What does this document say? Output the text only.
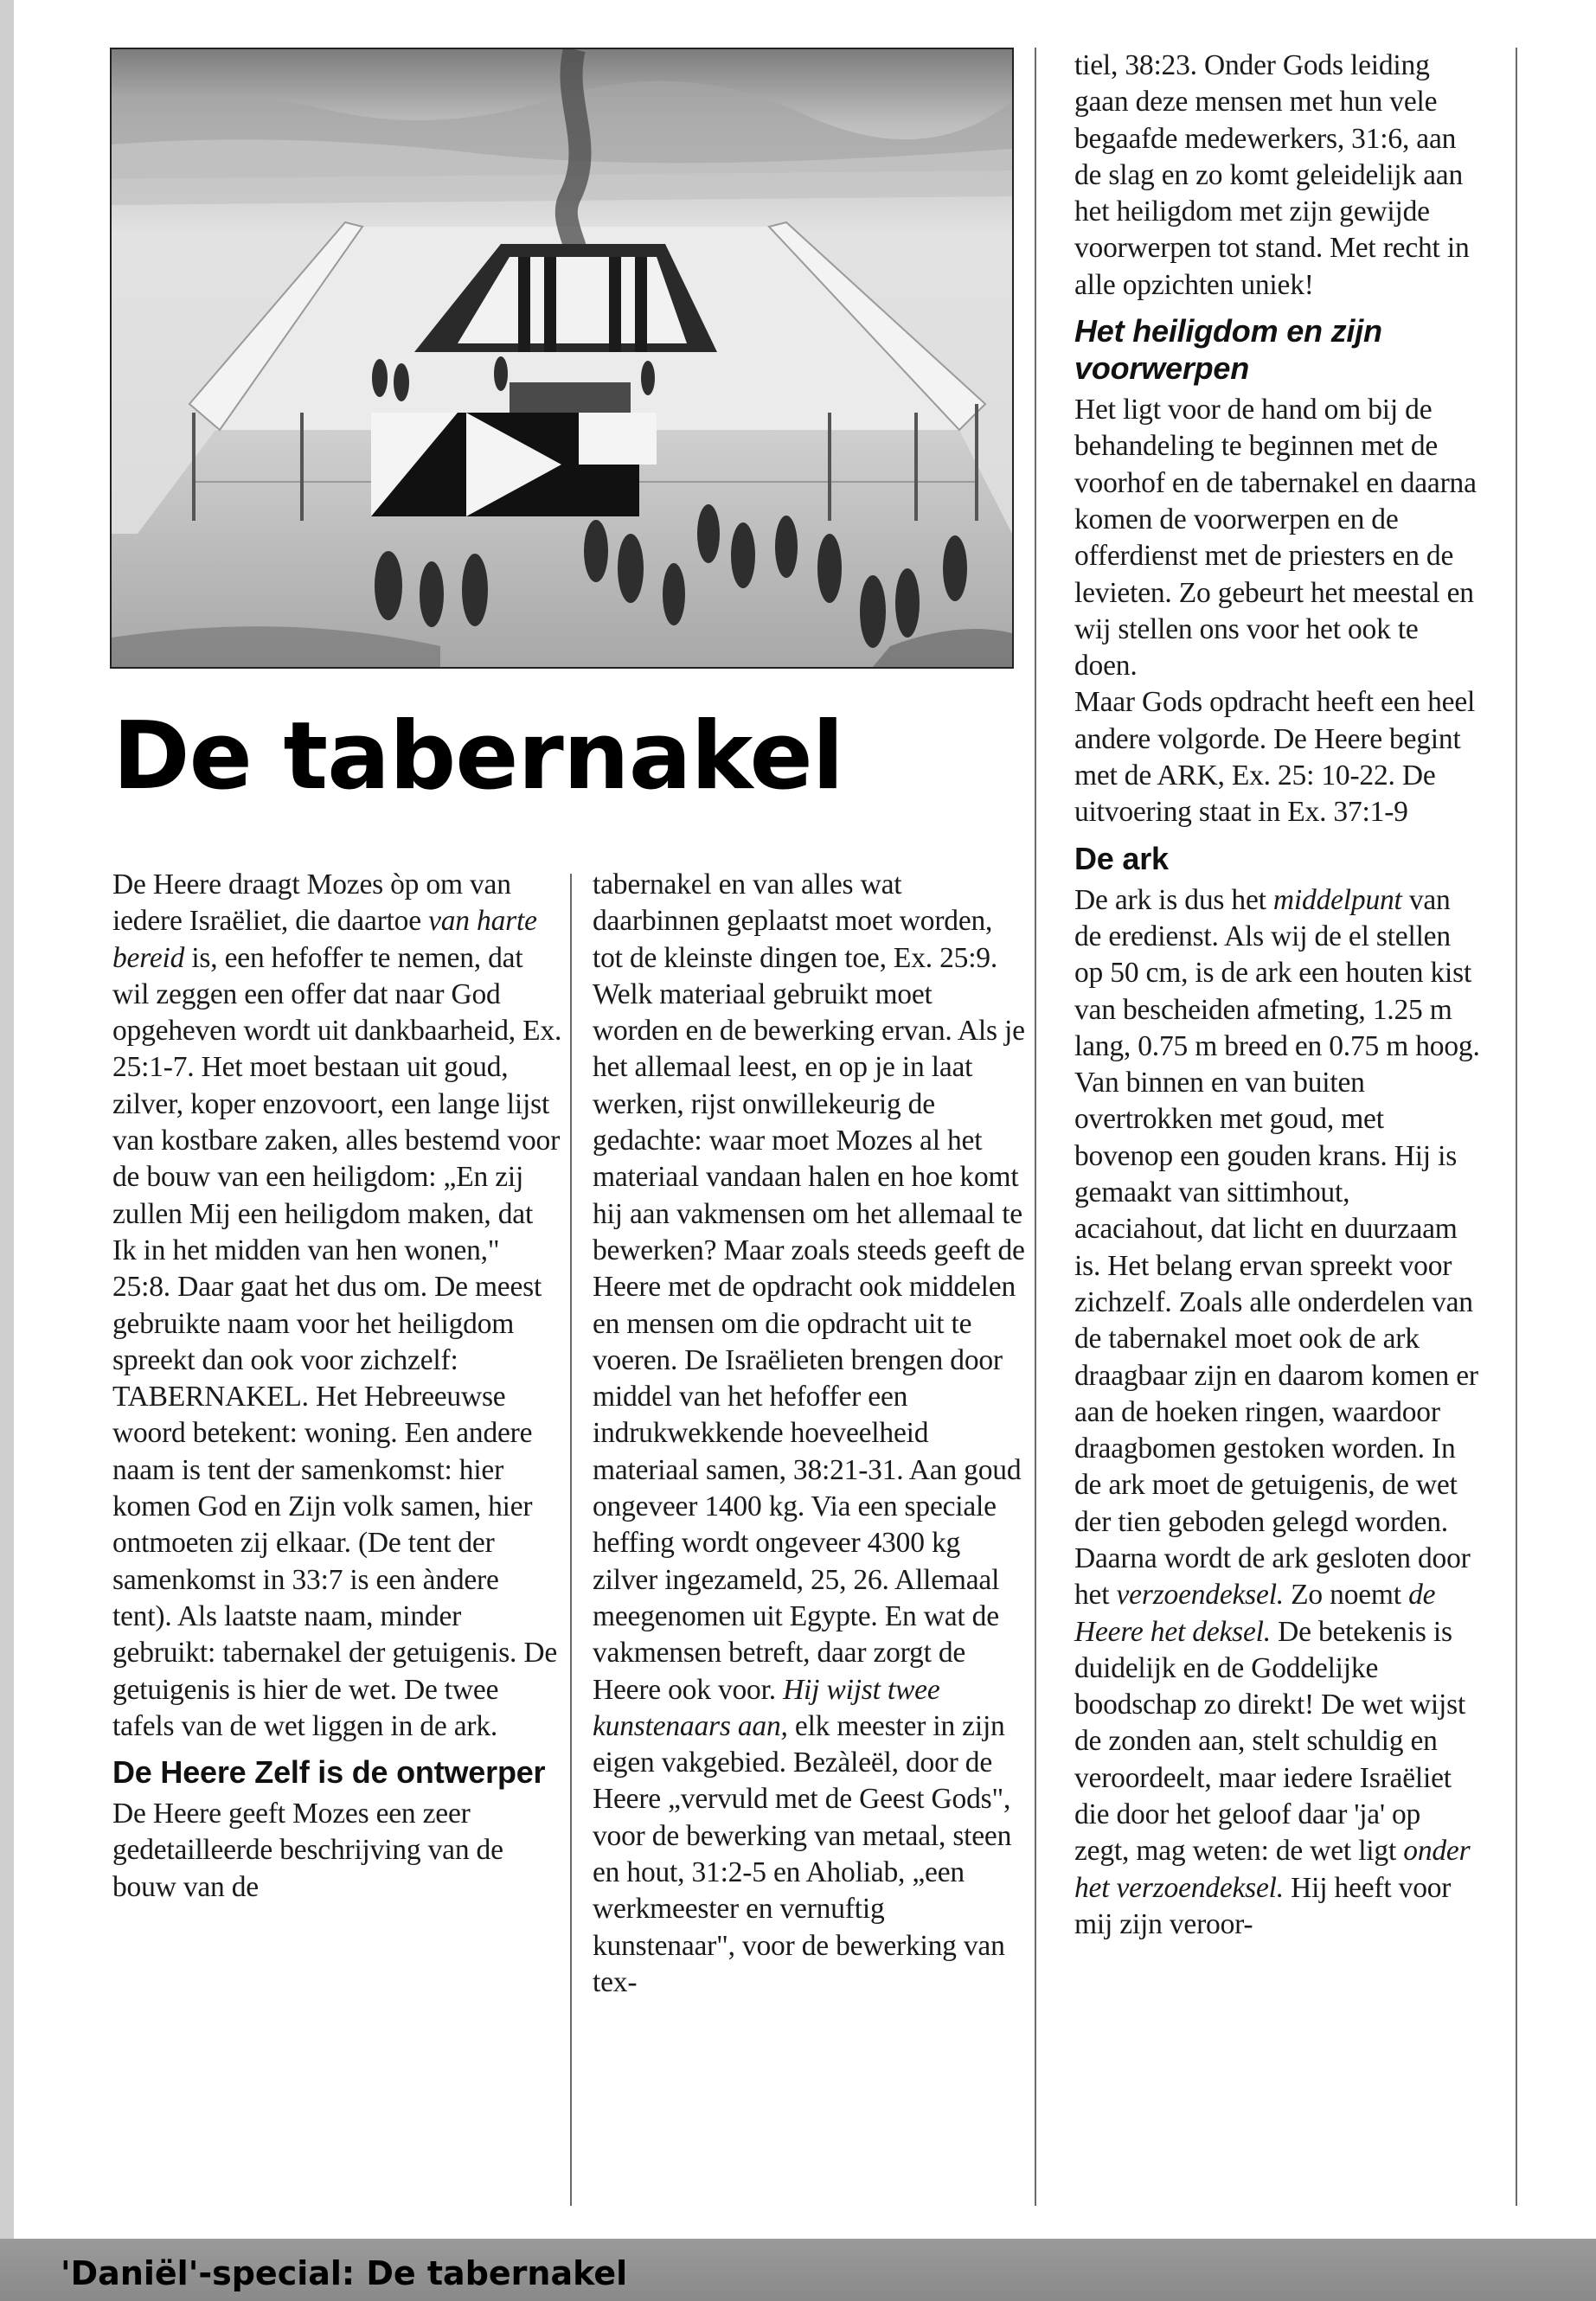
De tabernakel

De Heere draagt Mozes òp om van iedere Israëliet, die daartoe van harte bereid is, een hefoffer te nemen, dat wil zeggen een offer dat naar God opgeheven wordt uit dankbaarheid, Ex. 25:1-7. Het moet bestaan uit goud, zilver, koper enzovoort, een lange lijst van kostbare zaken, alles bestemd voor de bouw van een heiligdom: „En zij zullen Mij een heiligdom maken, dat Ik in het midden van hen wonen," 25:8. Daar gaat het dus om. De meest gebruikte naam voor het heiligdom spreekt dan ook voor zichzelf: TABERNAKEL. Het Hebreeuwse woord betekent: woning. Een andere naam is tent der samenkomst: hier komen God en Zijn volk samen, hier ontmoeten zij elkaar. (De tent der samenkomst in 33:7 is een àndere tent). Als laatste naam, minder gebruikt: tabernakel der getuigenis. De getuigenis is hier de wet. De twee tafels van de wet liggen in de ark.

De Heere Zelf is de ontwerper

De Heere geeft Mozes een zeer gedetailleerde beschrijving van de bouw van de

tabernakel en van alles wat daarbinnen geplaatst moet worden, tot de kleinste dingen toe, Ex. 25:9. Welk materiaal gebruikt moet worden en de bewerking ervan. Als je het allemaal leest, en op je in laat werken, rijst onwillekeurig de gedachte: waar moet Mozes al het materiaal vandaan halen en hoe komt hij aan vakmensen om het allemaal te bewerken? Maar zoals steeds geeft de Heere met de opdracht ook middelen en mensen om die opdracht uit te voeren. De Israëlieten brengen door middel van het hefoffer een indrukwekkende hoeveelheid materiaal samen, 38:21-31. Aan goud ongeveer 1400 kg. Via een speciale heffing wordt ongeveer 4300 kg zilver ingezameld, 25, 26. Allemaal meegenomen uit Egypte. En wat de vakmensen betreft, daar zorgt de Heere ook voor. Hij wijst twee kunstenaars aan, elk meester in zijn eigen vakgebied. Bezàleël, door de Heere „vervuld met de Geest Gods", voor de bewerking van metaal, steen en hout, 31:2-5 en Aholiab, „een werkmeester en vernuftig kunstenaar", voor de bewerking van tex-

tiel, 38:23. Onder Gods leiding gaan deze mensen met hun vele begaafde medewerkers, 31:6, aan de slag en zo komt geleidelijk aan het heiligdom met zijn gewijde voorwerpen tot stand. Met recht in alle opzichten uniek!

Het heiligdom en zijn voorwerpen

Het ligt voor de hand om bij de behandeling te beginnen met de voorhof en de tabernakel en daarna komen de voorwerpen en de offerdienst met de priesters en de levieten. Zo gebeurt het meestal en wij stellen ons voor het ook te doen.

Maar Gods opdracht heeft een heel andere volgorde. De Heere begint met de ARK, Ex. 25: 10-22. De uitvoering staat in Ex. 37:1-9

De ark

De ark is dus het middelpunt van de eredienst. Als wij de el stellen op 50 cm, is de ark een houten kist van bescheiden afmeting, 1.25 m lang, 0.75 m breed en 0.75 m hoog. Van binnen en van buiten overtrokken met goud, met bovenop een gouden krans. Hij is gemaakt van sittimhout, acaciahout, dat licht en duurzaam is. Het belang ervan spreekt voor zichzelf. Zoals alle onderdelen van de tabernakel moet ook de ark draagbaar zijn en daarom komen er aan de hoeken ringen, waardoor draagbomen gestoken worden. In de ark moet de getuigenis, de wet der tien geboden gelegd worden. Daarna wordt de ark gesloten door het verzoendeksel. Zo noemt de Heere het deksel. De betekenis is duidelijk en de Goddelijke boodschap zo direkt! De wet wijst de zonden aan, stelt schuldig en veroordeelt, maar iedere Israëliet die door het geloof daar 'ja' op zegt, mag weten: de wet ligt onder het verzoendeksel. Hij heeft voor mij zijn veroor-

'Daniël'-special: De tabernakel
